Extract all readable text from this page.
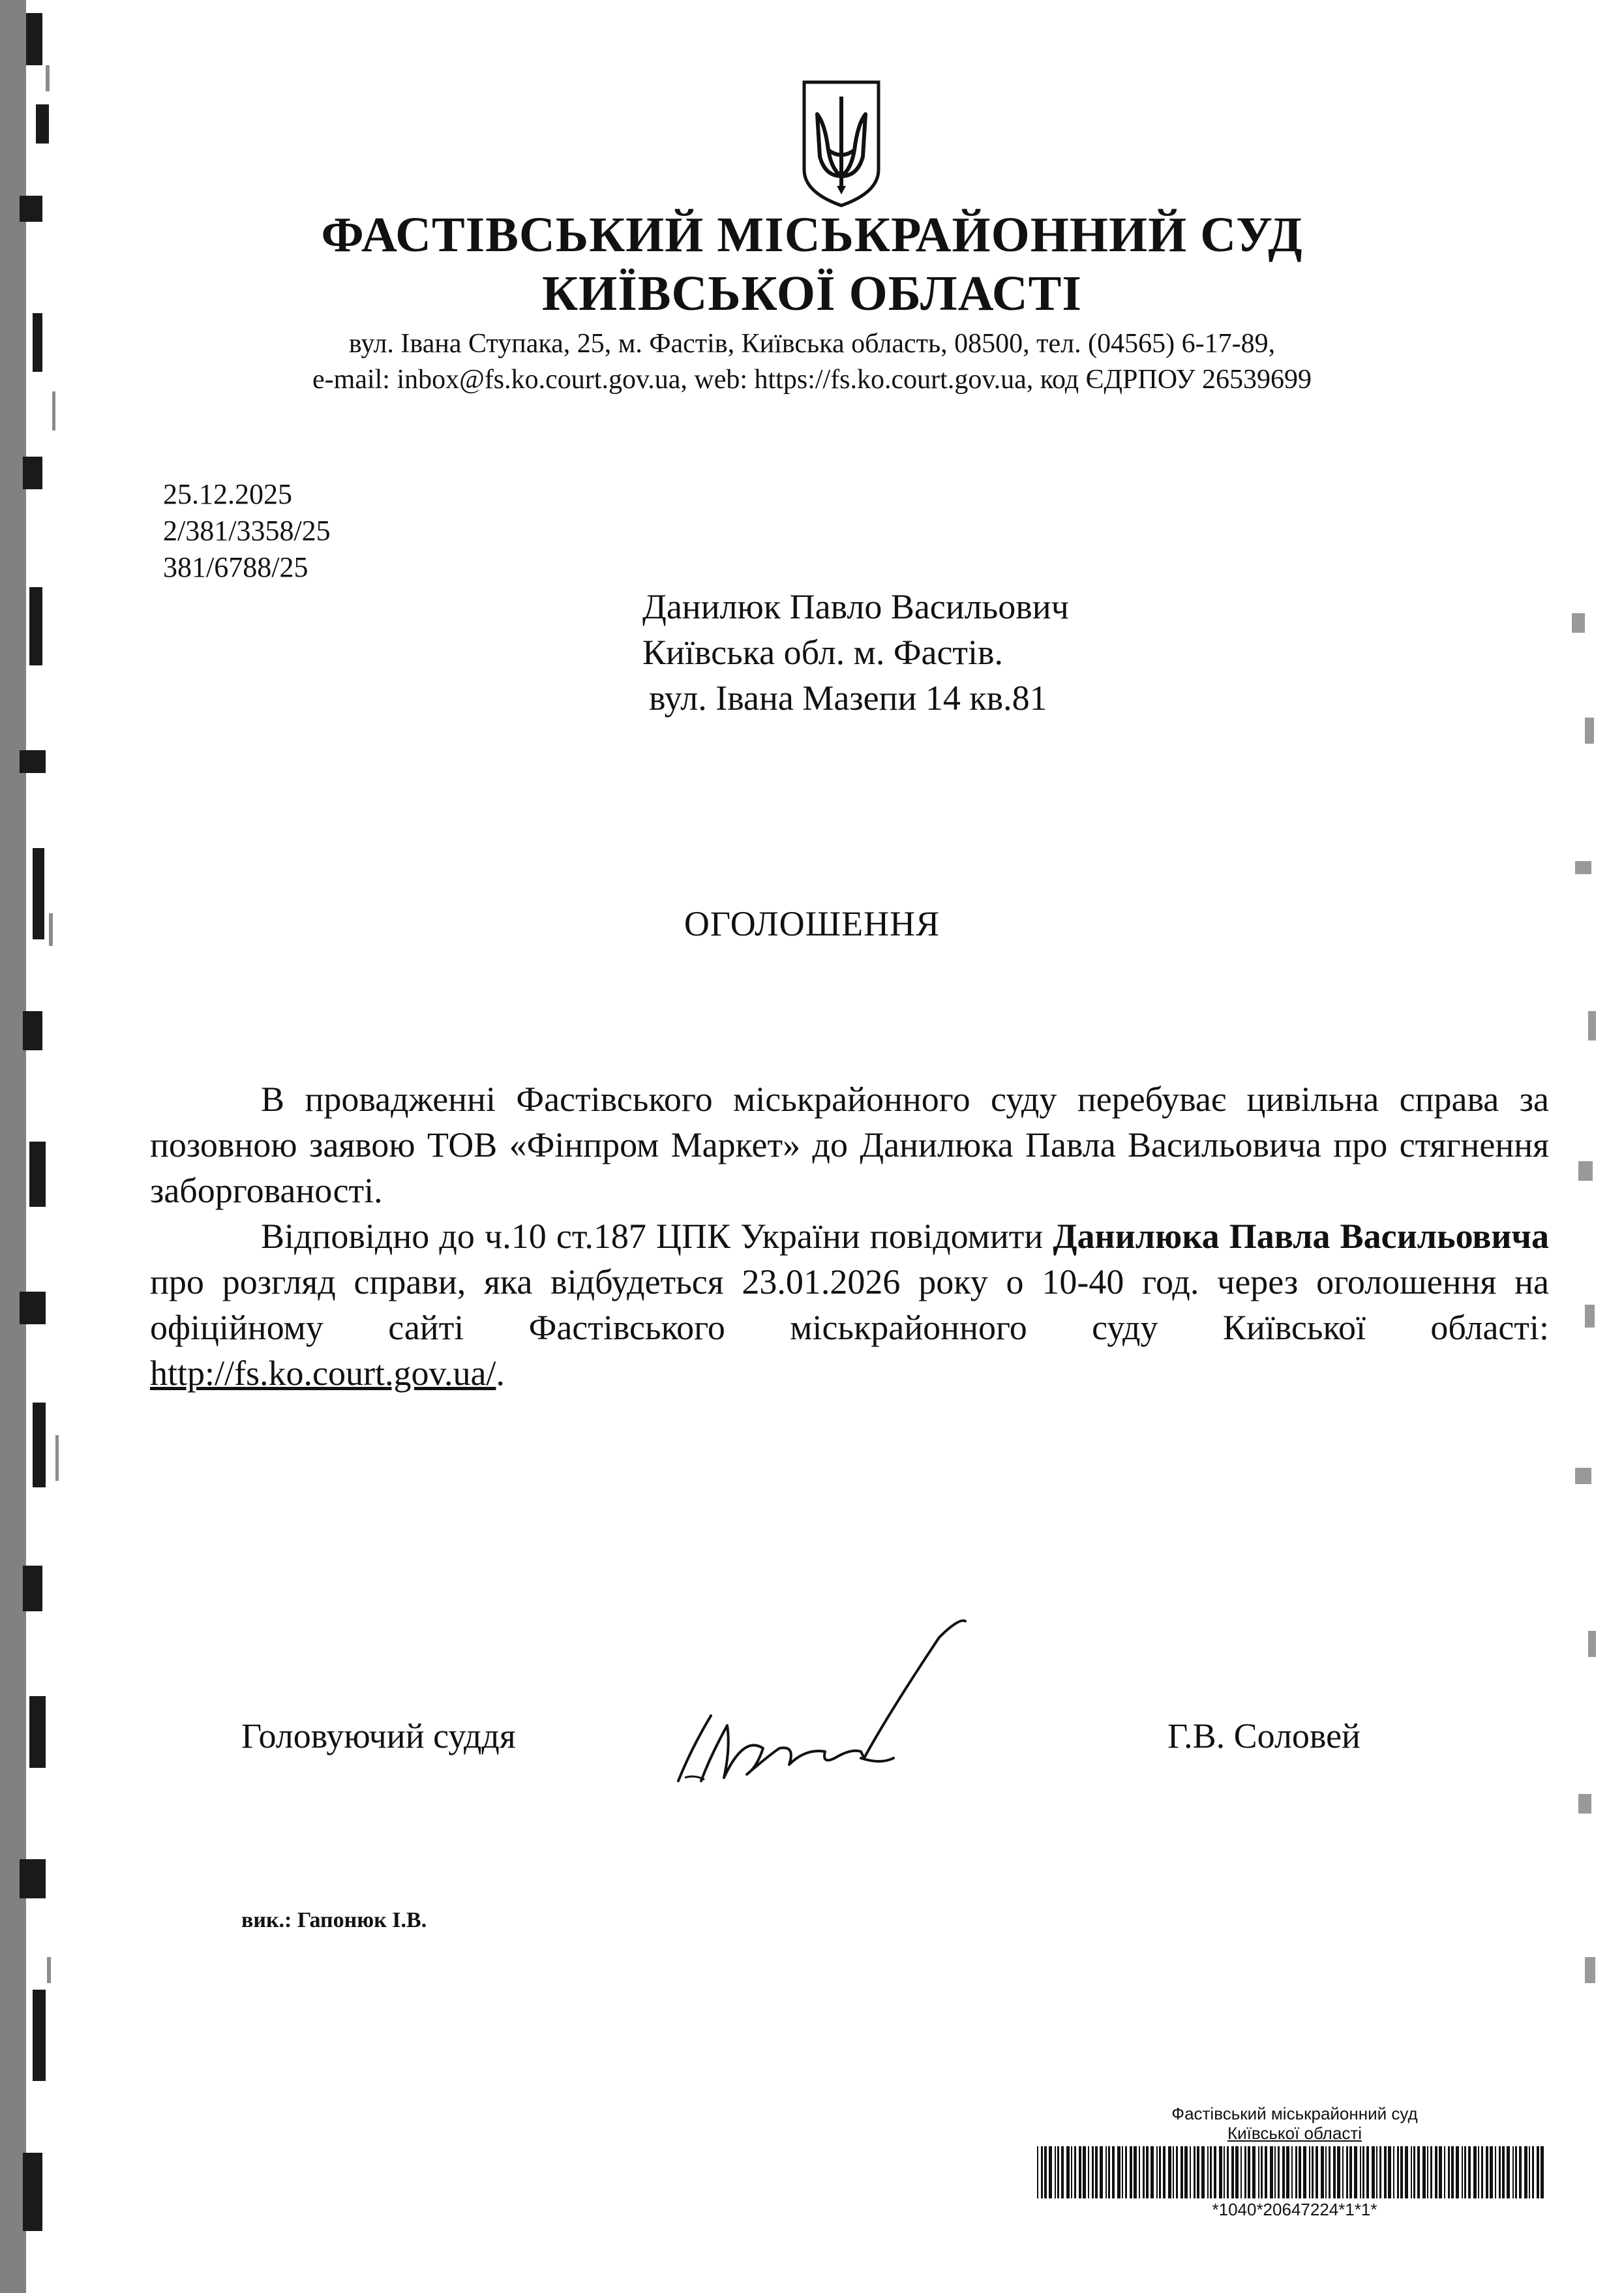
ФАСТІВСЬКИЙ МІСЬКРАЙОННИЙ СУД
КИЇВСЬКОЇ ОБЛАСТІ
вул. Івана Ступака, 25, м. Фастів, Київська область, 08500, тел. (04565) 6-17-89,
e-mail: inbox@fs.ko.court.gov.ua, web: https://fs.ko.court.gov.ua, код ЄДРПОУ 26539699
25.12.2025
2/381/3358/25
381/6788/25
Данилюк Павло Васильович
Київська обл. м. Фастів.
вул. Івана Мазепи 14 кв.81
ОГОЛОШЕННЯ

В провадженні Фастівського міськрайонного суду перебуває цивільна справа за позовною заявою ТОВ «Фінпром Маркет» до Данилюка Павла Васильовича про стягнення заборгованості.

Відповідно до ч.10 ст.187 ЦПК України повідомити Данилюка Павла Васильовича про розгляд справи, яка відбудеться 23.01.2026 року о 10-40 год. через оголошення на офіційному сайті Фастівського міськрайонного суду Київської області: http://fs.ko.court.gov.ua/.

Головуючий суддя	Г.В. Соловей
вик.: Гапонюк І.В.
Фастівський міськрайонний суд
Київської області
*1040*20647224*1*1*
